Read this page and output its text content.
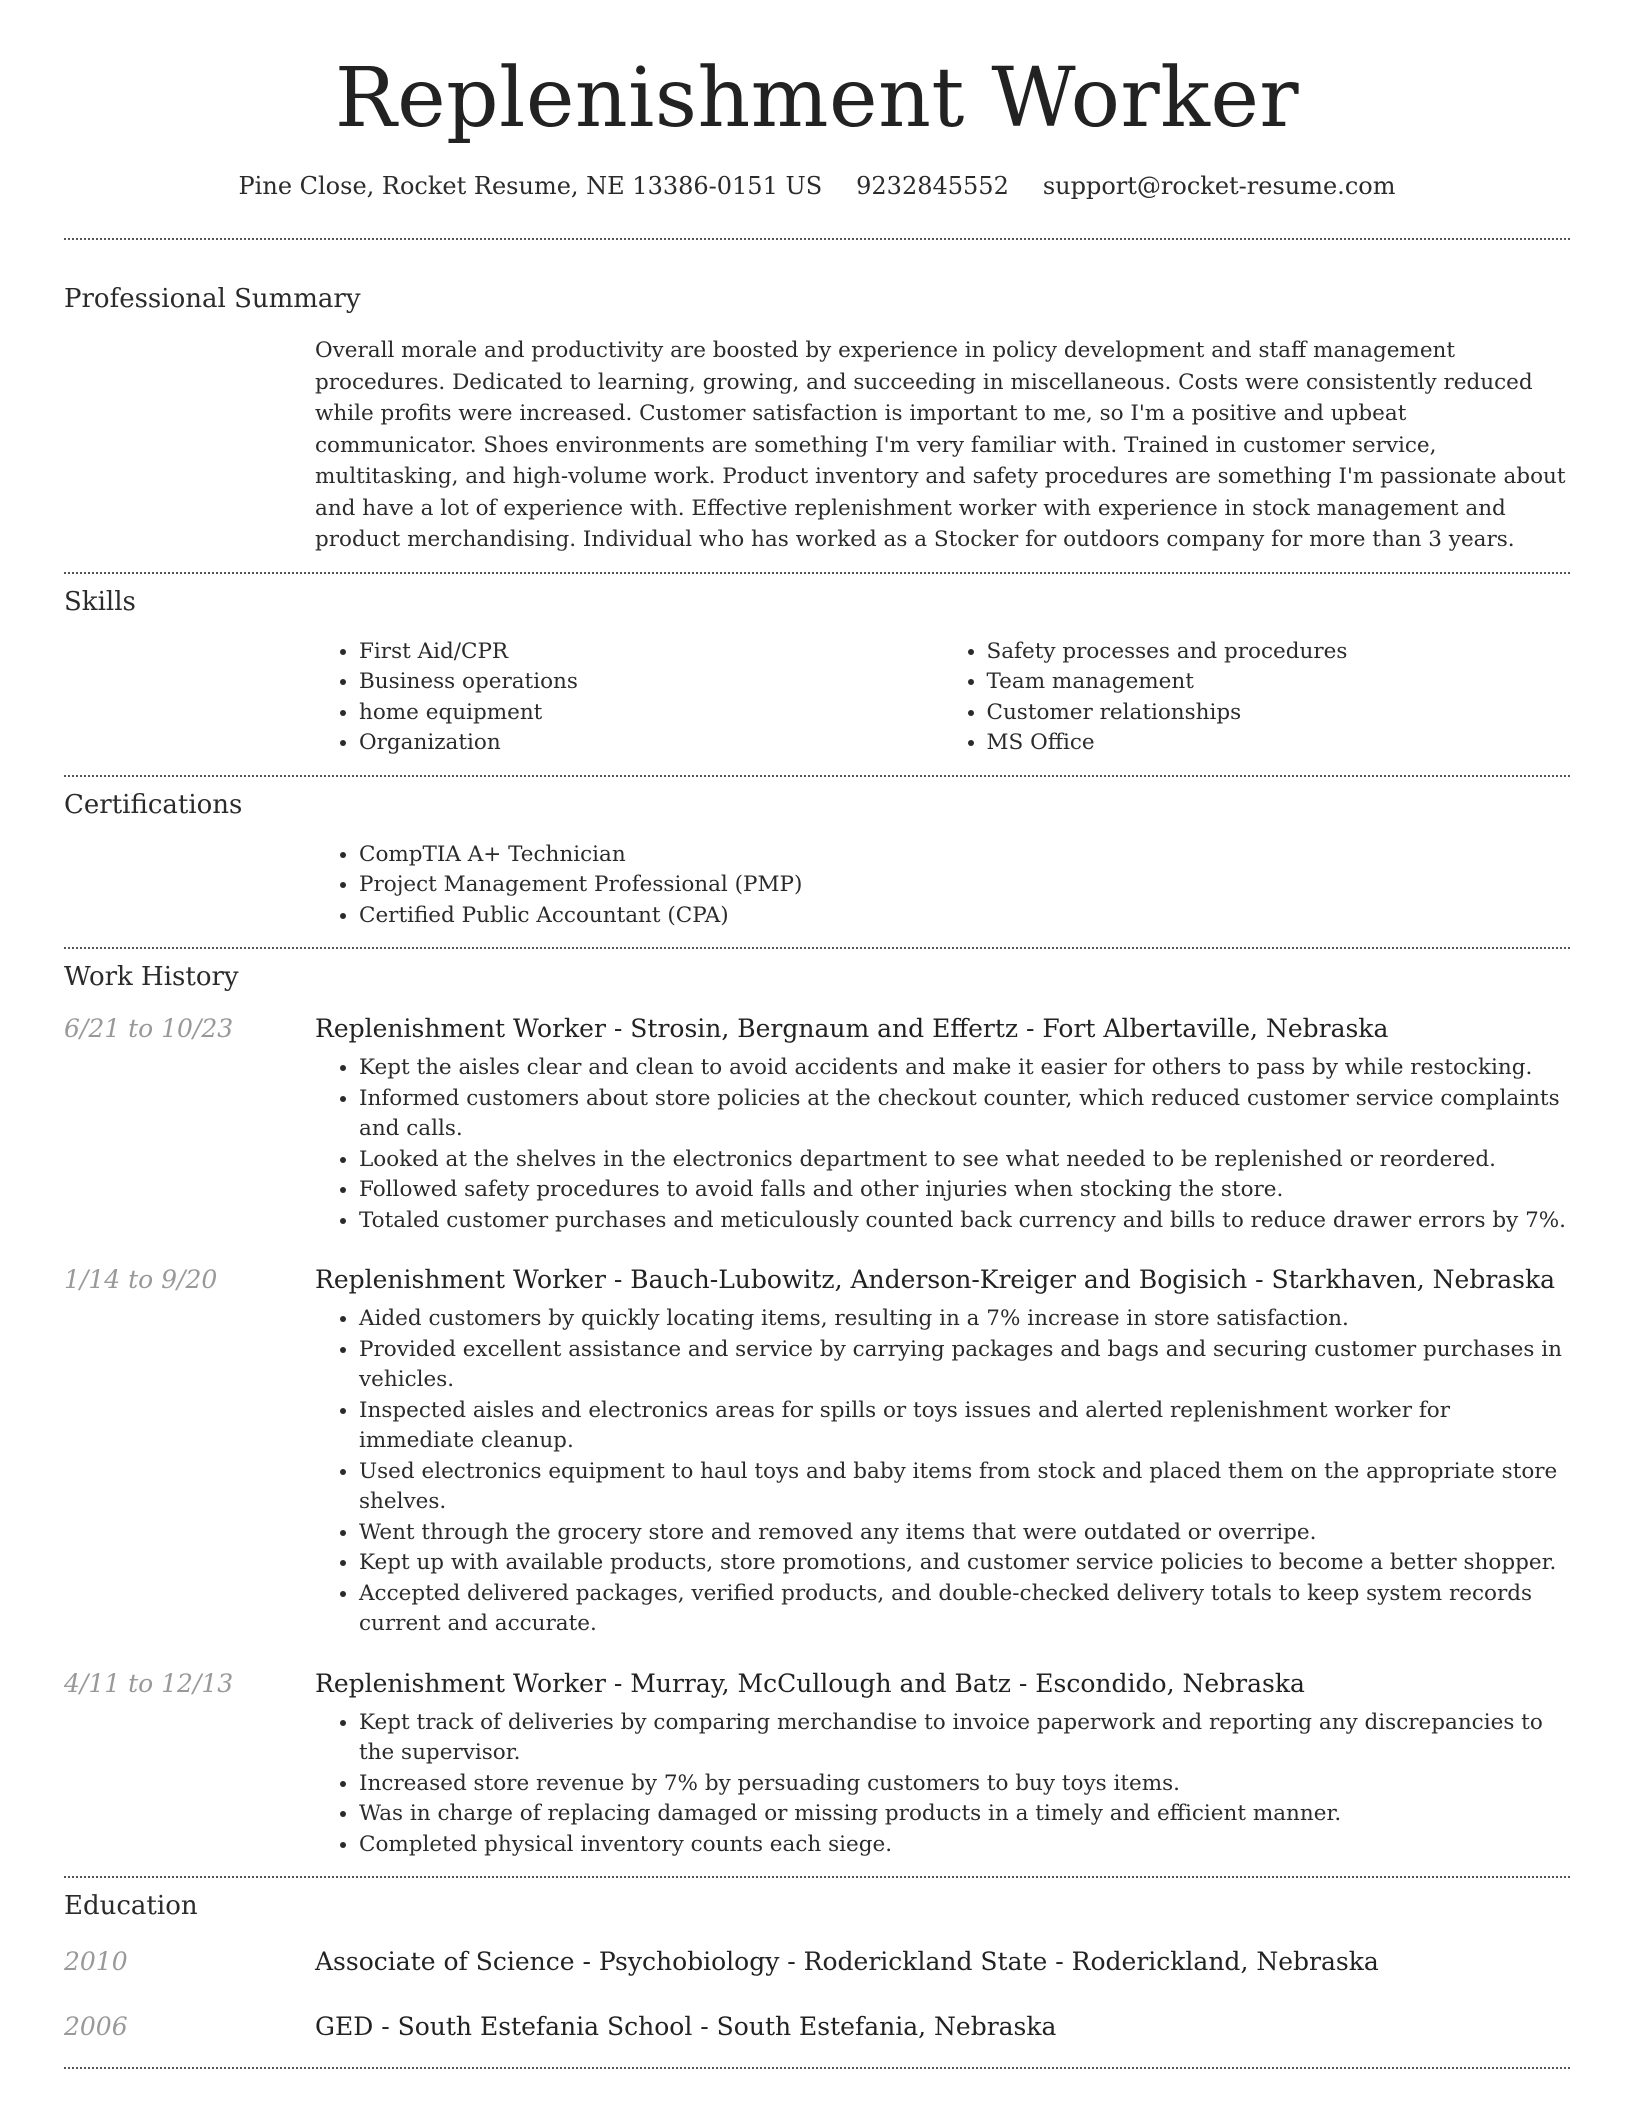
Replenishment Worker
Pine Close, Rocket Resume, NE 13386-0151 US 9232845552 support@rocket-resume.com
Professional Summary

Overall morale and productivity are boosted by experience in policy development and staff management procedures. Dedicated to learning, growing, and succeeding in miscellaneous. Costs were consistently reduced while profits were increased. Customer satisfaction is important to me, so I'm a positive and upbeat communicator. Shoes environments are something I'm very familiar with. Trained in customer service, multitasking, and high-volume work. Product inventory and safety procedures are something I'm passionate about and have a lot of experience with. Effective replenishment worker with experience in stock management and product merchandising. Individual who has worked as a Stocker for outdoors company for more than 3 years.

Skills
• First Aid/CPR
• Business operations
• home equipment
• Organization
• Safety processes and procedures
• Team management
• Customer relationships
• MS Office
Certifications
• CompTIA A+ Technician
• Project Management Professional (PMP)
• Certified Public Accountant (CPA)
Work History
6/21 to 10/23	Replenishment Worker - Strosin, Bergnaum and Effertz - Fort Albertaville, Nebraska
• Kept the aisles clear and clean to avoid accidents and make it easier for others to pass by while restocking.
• Informed customers about store policies at the checkout counter, which reduced customer service complaints and calls.
• Looked at the shelves in the electronics department to see what needed to be replenished or reordered.
• Followed safety procedures to avoid falls and other injuries when stocking the store.
• Totaled customer purchases and meticulously counted back currency and bills to reduce drawer errors by 7%.
1/14 to 9/20	Replenishment Worker - Bauch-Lubowitz, Anderson-Kreiger and Bogisich - Starkhaven, Nebraska
• Aided customers by quickly locating items, resulting in a 7% increase in store satisfaction.
• Provided excellent assistance and service by carrying packages and bags and securing customer purchases in vehicles.
• Inspected aisles and electronics areas for spills or toys issues and alerted replenishment worker for immediate cleanup.
• Used electronics equipment to haul toys and baby items from stock and placed them on the appropriate store shelves.
• Went through the grocery store and removed any items that were outdated or overripe.
• Kept up with available products, store promotions, and customer service policies to become a better shopper.
• Accepted delivered packages, verified products, and double-checked delivery totals to keep system records current and accurate.
4/11 to 12/13	Replenishment Worker - Murray, McCullough and Batz - Escondido, Nebraska
• Kept track of deliveries by comparing merchandise to invoice paperwork and reporting any discrepancies to the supervisor.
• Increased store revenue by 7% by persuading customers to buy toys items.
• Was in charge of replacing damaged or missing products in a timely and efficient manner.
• Completed physical inventory counts each siege.
Education
2010	Associate of Science - Psychobiology - Roderickland State - Roderickland, Nebraska
2006	GED - South Estefania School - South Estefania, Nebraska
